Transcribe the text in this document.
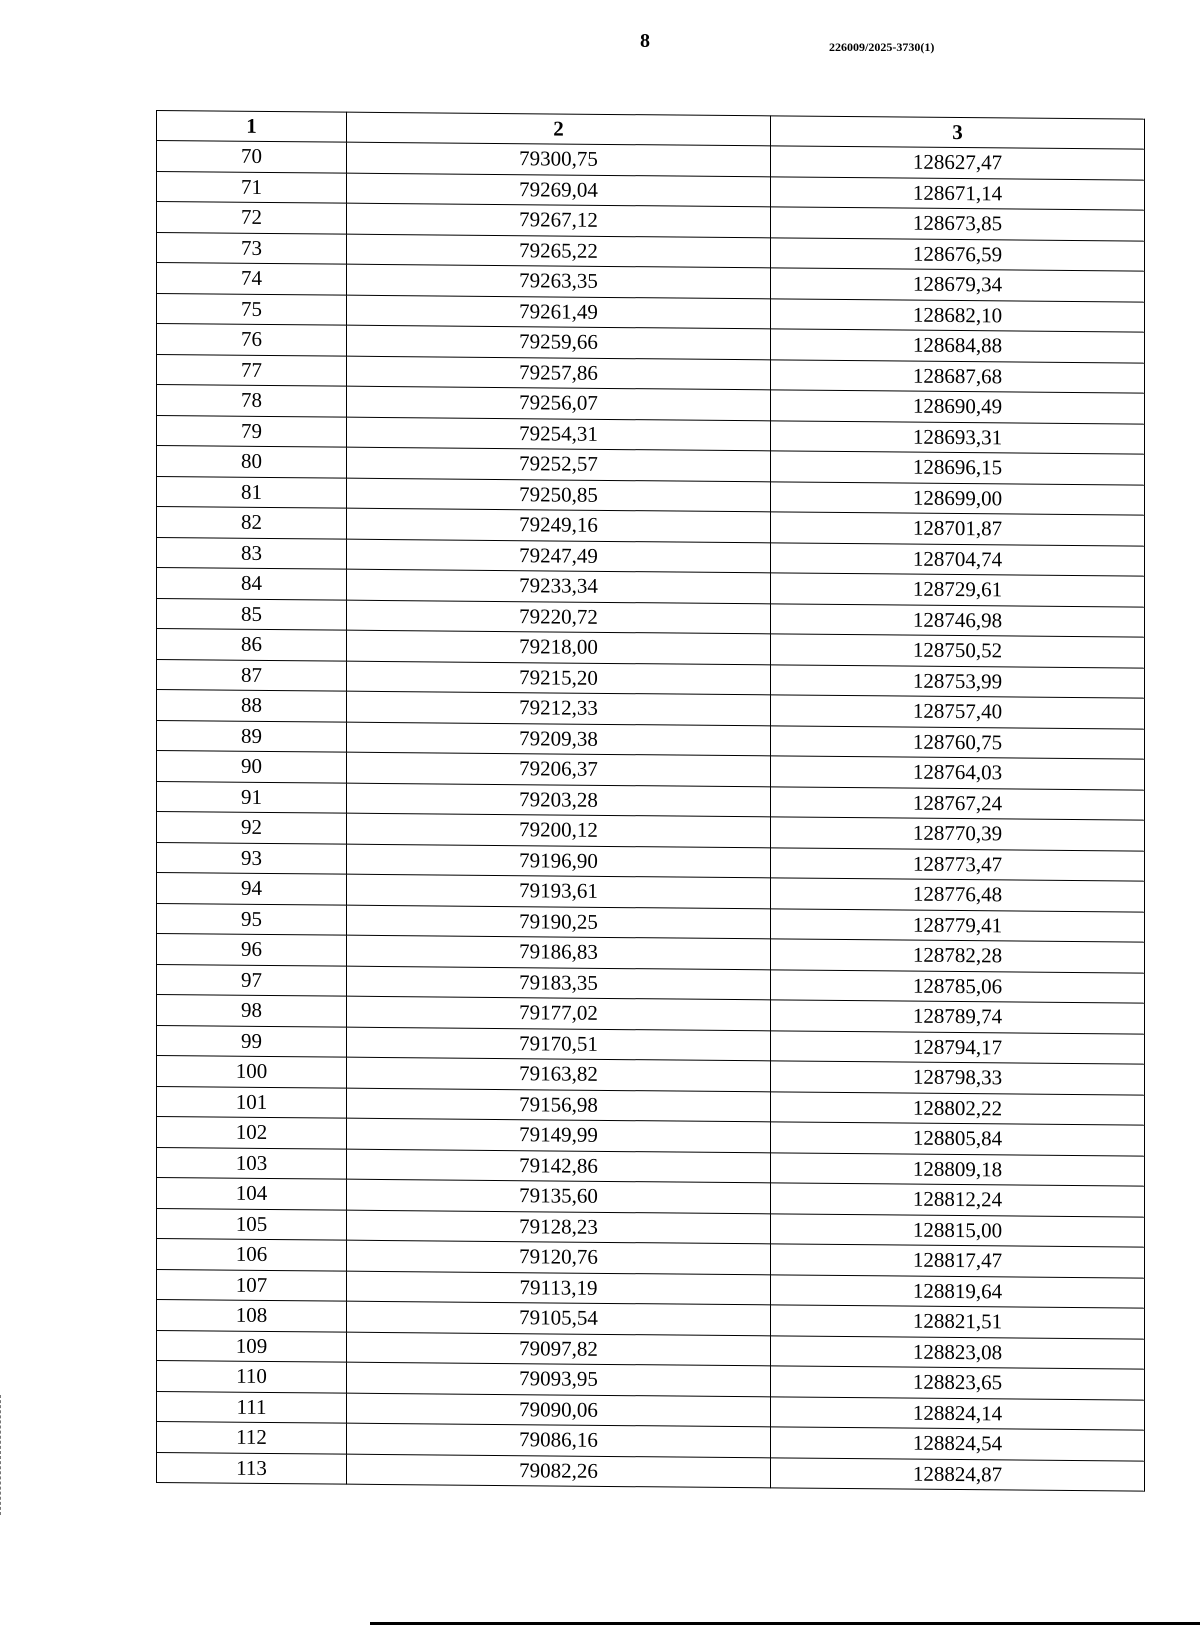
8	226009/2025-3730(1)
1	2	3
70	79300,75	128627,47
71	79269,04	128671,14
72	79267,12	128673,85
73	79265,22	128676,59
74	79263,35	128679,34
75	79261,49	128682,10
76	79259,66	128684,88
77	79257,86	128687,68
78	79256,07	128690,49
79	79254,31	128693,31
80	79252,57	128696,15
81	79250,85	128699,00
82	79249,16	128701,87
83	79247,49	128704,74
84	79233,34	128729,61
85	79220,72	128746,98
86	79218,00	128750,52
87	79215,20	128753,99
88	79212,33	128757,40
89	79209,38	128760,75
90	79206,37	128764,03
91	79203,28	128767,24
92	79200,12	128770,39
93	79196,90	128773,47
94	79193,61	128776,48
95	79190,25	128779,41
96	79186,83	128782,28
97	79183,35	128785,06
98	79177,02	128789,74
99	79170,51	128794,17
100	79163,82	128798,33
101	79156,98	128802,22
102	79149,99	128805,84
103	79142,86	128809,18
104	79135,60	128812,24
105	79128,23	128815,00
106	79120,76	128817,47
107	79113,19	128819,64
108	79105,54	128821,51
109	79097,82	128823,08
110	79093,95	128823,65
111	79090,06	128824,14
112	79086,16	128824,54
113	79082,26	128824,87
